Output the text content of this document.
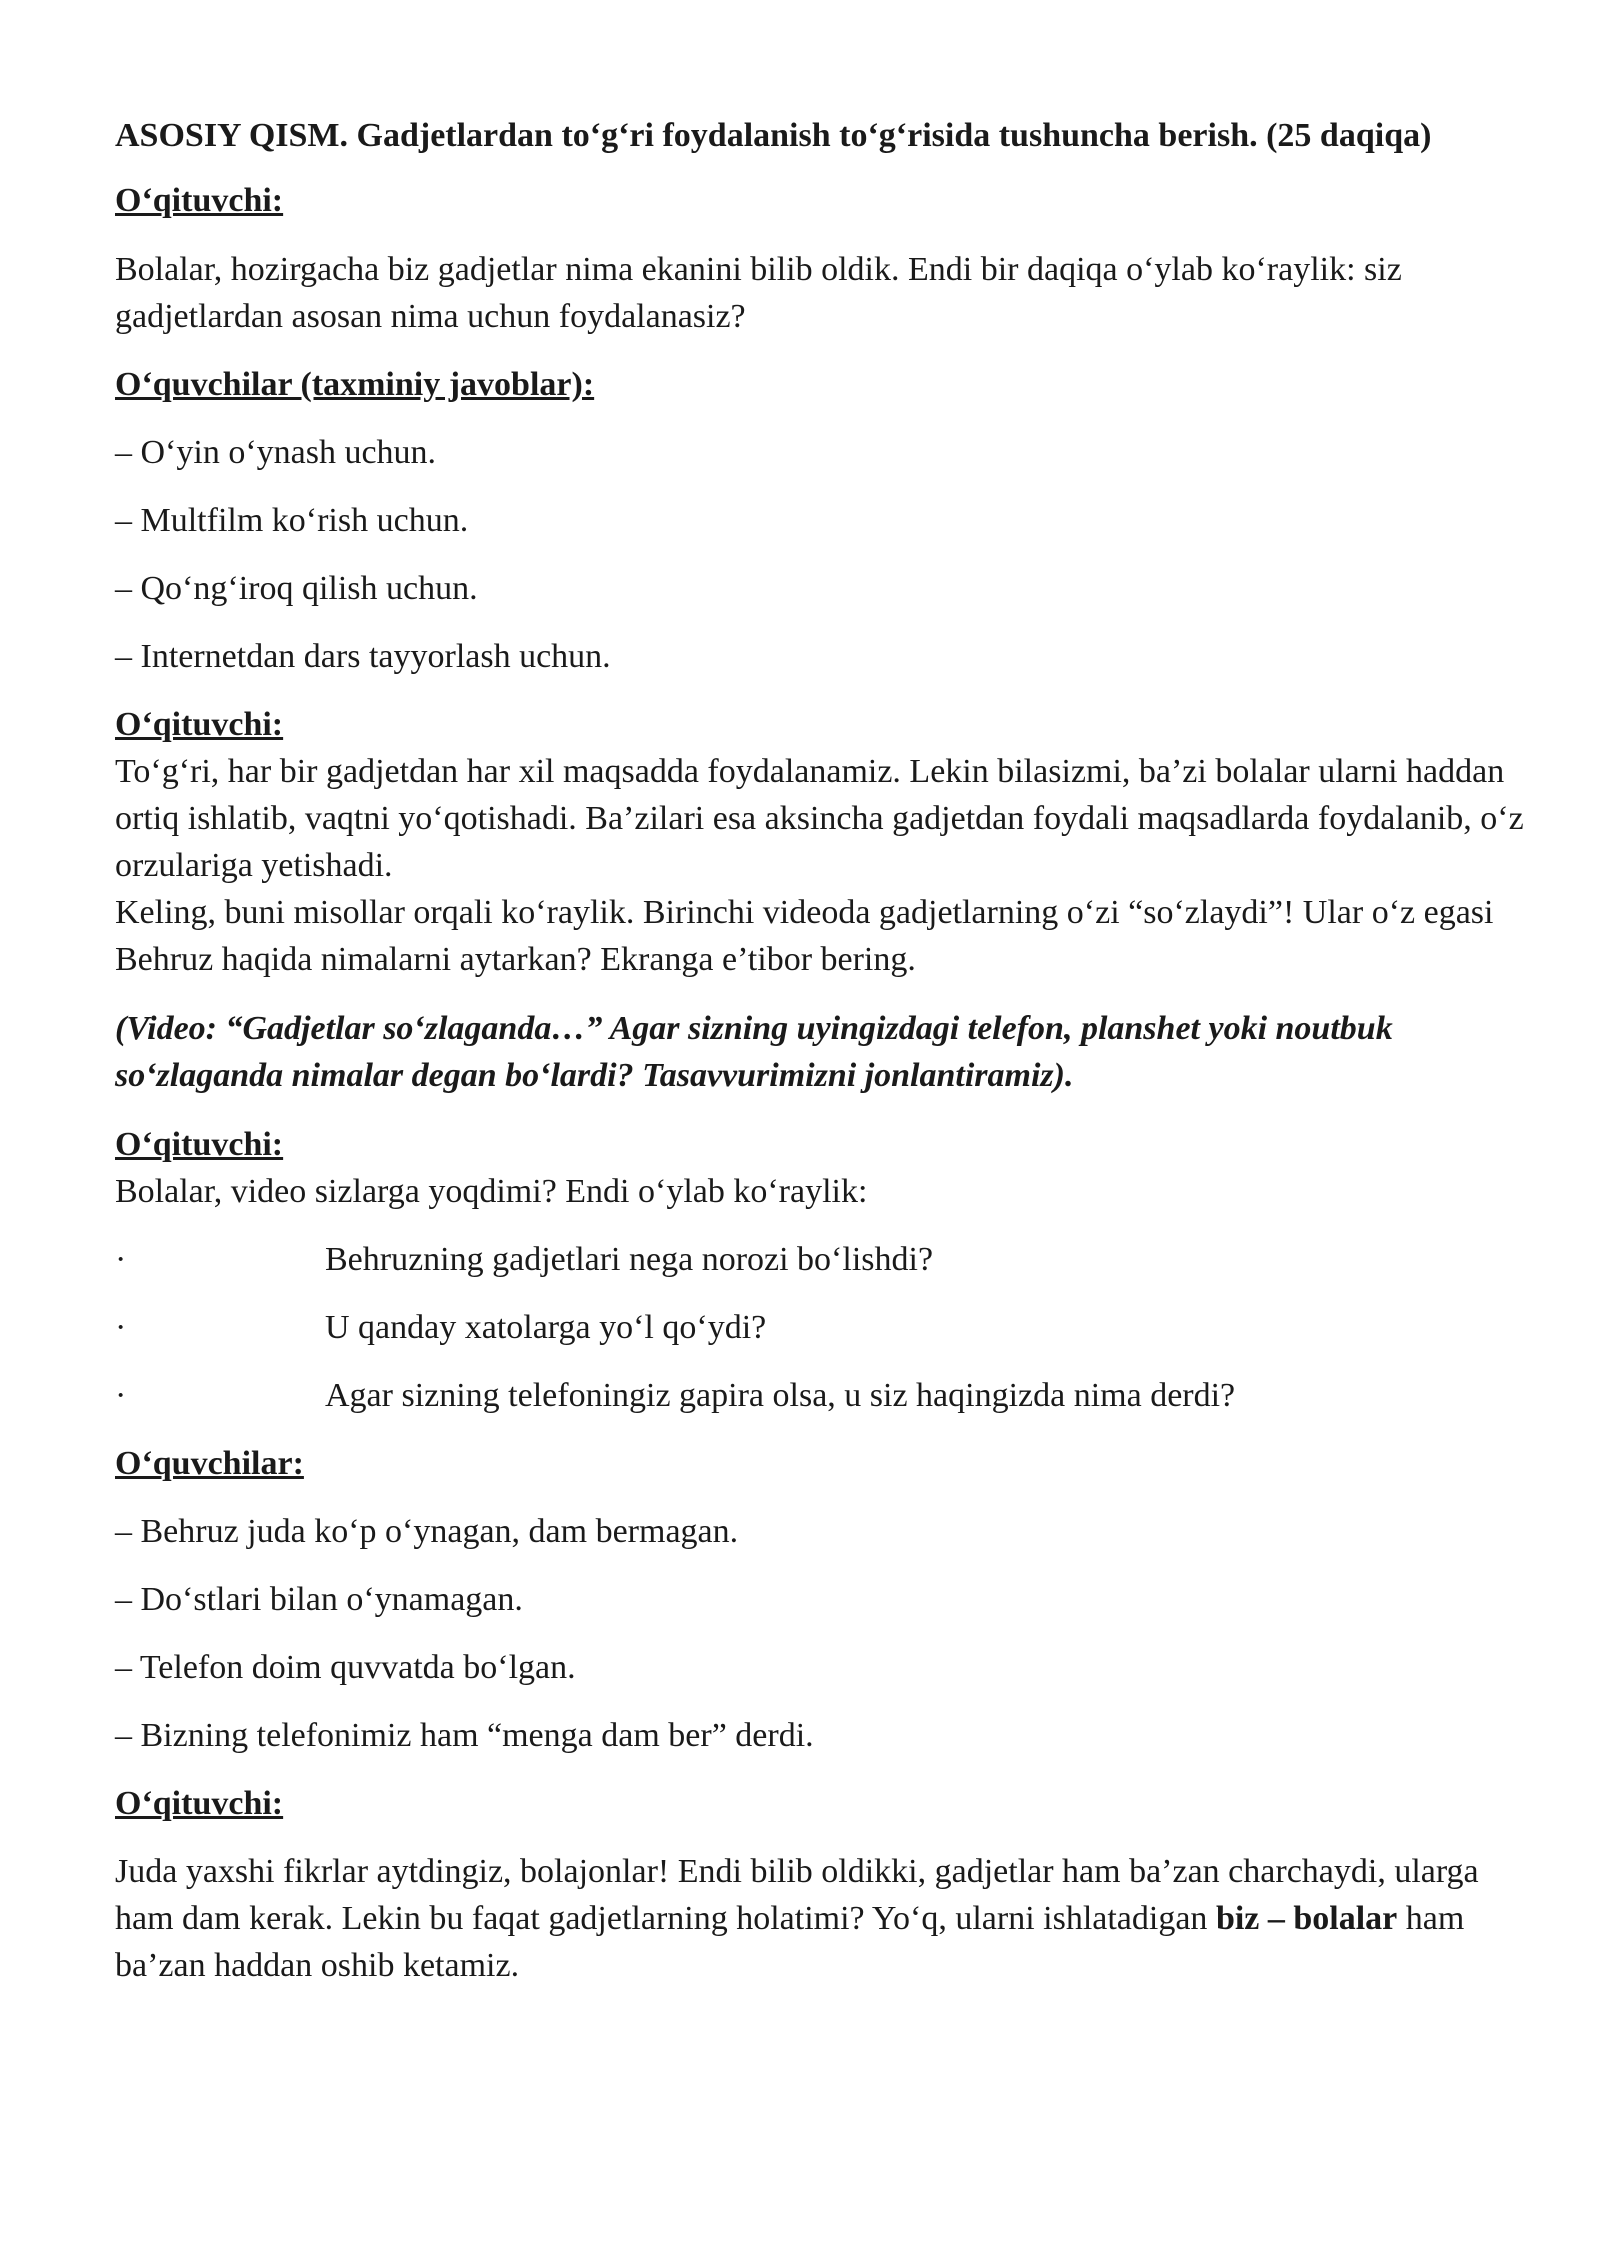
ASOSIY QISM. Gadjetlardan to‘g‘ri foydalanish to‘g‘risida tushuncha berish. (25 daqiqa)

O‘qituvchi:

Bolalar, hozirgacha biz gadjetlar nima ekanini bilib oldik. Endi bir daqiqa o‘ylab ko‘raylik: siz gadjetlardan asosan nima uchun foydalanasiz?

O‘quvchilar (taxminiy javoblar):

– O‘yin o‘ynash uchun.

– Multfilm ko‘rish uchun.

– Qo‘ng‘iroq qilish uchun.

– Internetdan dars tayyorlash uchun.

O‘qituvchi:

To‘g‘ri, har bir gadjetdan har xil maqsadda foydalanamiz. Lekin bilasizmi, ba’zi bolalar ularni haddan ortiq ishlatib, vaqtni yo‘qotishadi. Ba’zilari esa aksincha gadjetdan foydali maqsadlarda foydalanib, o‘z orzulariga yetishadi.

Keling, buni misollar orqali ko‘raylik. Birinchi videoda gadjetlarning o‘zi “so‘zlaydi”! Ular o‘z egasi Behruz haqida nimalarni aytarkan? Ekranga e’tibor bering.

(Video: “Gadjetlar so‘zlaganda…” Agar sizning uyingizdagi telefon, planshet yoki noutbuk so‘zlaganda nimalar degan bo‘lardi? Tasavvurimizni jonlantiramiz).

O‘qituvchi:

Bolalar, video sizlarga yoqdimi? Endi o‘ylab ko‘raylik:

·	Behruzning gadjetlari nega norozi bo‘lishdi?
·	U qanday xatolarga yo‘l qo‘ydi?
·	Agar sizning telefoningiz gapira olsa, u siz haqingizda nima derdi?

O‘quvchilar:

– Behruz juda ko‘p o‘ynagan, dam bermagan.

– Do‘stlari bilan o‘ynamagan.

– Telefon doim quvvatda bo‘lgan.

– Bizning telefonimiz ham “menga dam ber” derdi.

O‘qituvchi:

Juda yaxshi fikrlar aytdingiz, bolajonlar! Endi bilib oldikki, gadjetlar ham ba’zan charchaydi, ularga ham dam kerak. Lekin bu faqat gadjetlarning holatimi? Yo‘q, ularni ishlatadigan biz – bolalar ham ba’zan haddan oshib ketamiz.
